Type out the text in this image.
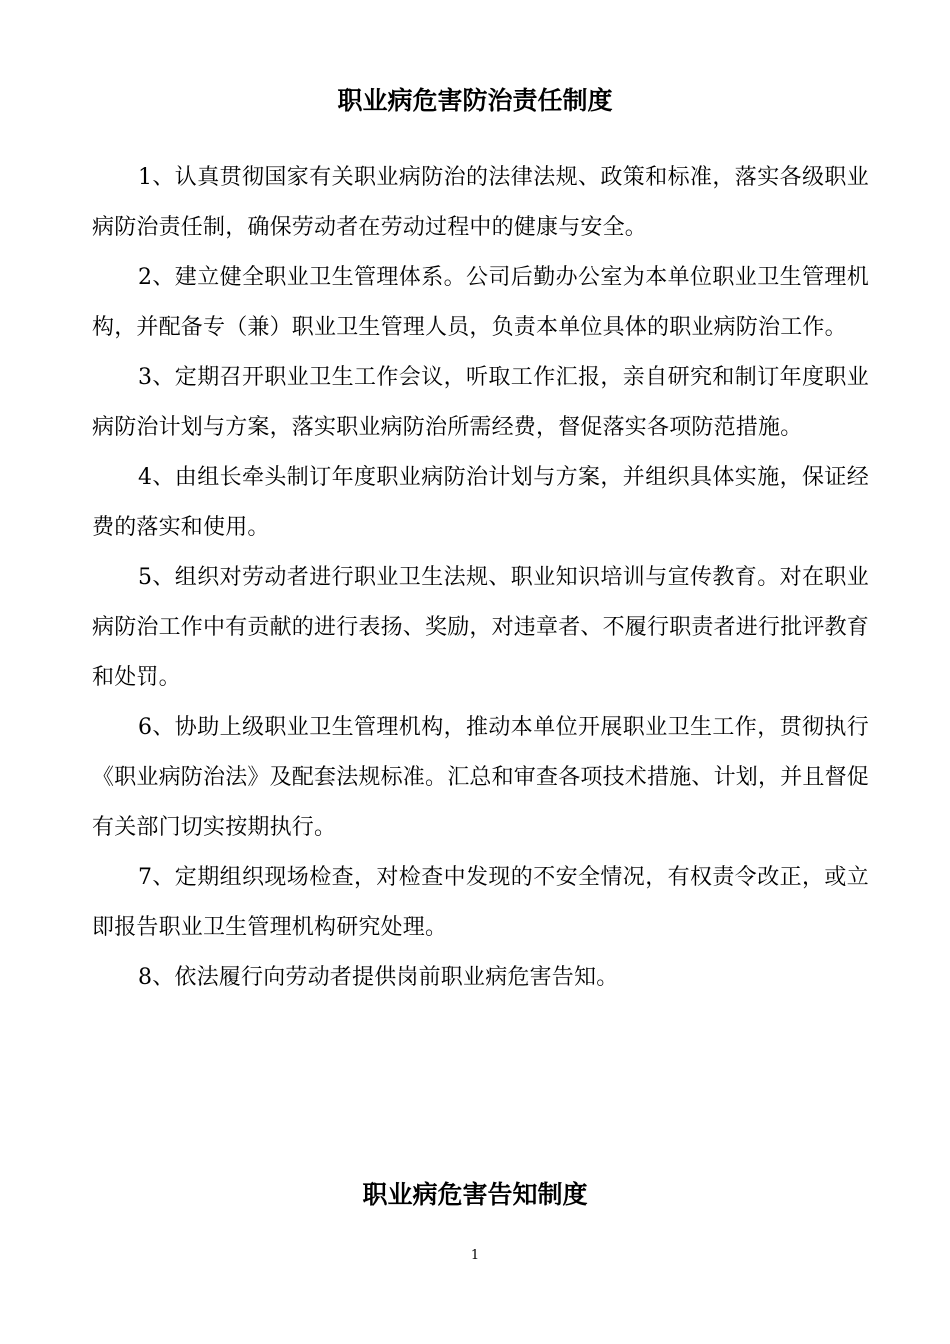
职业病危害防治责任制度

1、认真贯彻国家有关职业病防治的法律法规、政策和标准，落实各级职业病防治责任制，确保劳动者在劳动过程中的健康与安全。

2、建立健全职业卫生管理体系。公司后勤办公室为本单位职业卫生管理机构，并配备专（兼）职业卫生管理人员，负责本单位具体的职业病防治工作。

3、定期召开职业卫生工作会议，听取工作汇报，亲自研究和制订年度职业病防治计划与方案，落实职业病防治所需经费，督促落实各项防范措施。

4、由组长牵头制订年度职业病防治计划与方案，并组织具体实施，保证经费的落实和使用。

5、组织对劳动者进行职业卫生法规、职业知识培训与宣传教育。对在职业病防治工作中有贡献的进行表扬、奖励，对违章者、不履行职责者进行批评教育和处罚。

6、协助上级职业卫生管理机构，推动本单位开展职业卫生工作，贯彻执行《职业病防治法》及配套法规标准。汇总和审查各项技术措施、计划，并且督促有关部门切实按期执行。

7、定期组织现场检查，对检查中发现的不安全情况，有权责令改正，或立即报告职业卫生管理机构研究处理。

8、依法履行向劳动者提供岗前职业病危害告知。

职业病危害告知制度
1
